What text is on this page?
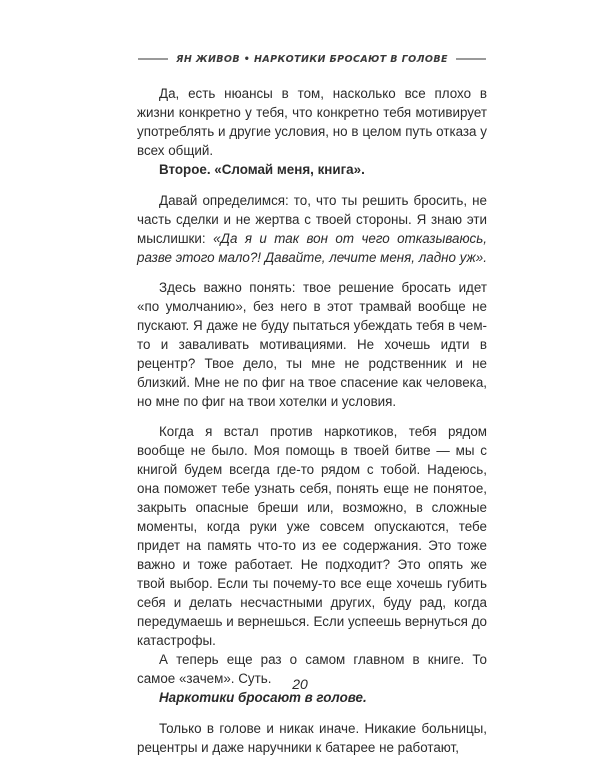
ЯН ЖИВОВ • НАРКОТИКИ БРОСАЮТ В ГОЛОВЕ

Да, есть нюансы в том, насколько все плохо в жизни конкретно у тебя, что конкретно тебя мотивирует употреблять и другие условия, но в целом путь отказа у всех общий.

Второе. «Сломай меня, книга».

Давай определимся: то, что ты решить бросить, не часть сделки и не жертва с твоей стороны. Я знаю эти мыслишки: «Да я и так вон от чего отказываюсь, разве этого мало?! Давайте, лечите меня, ладно уж».

Здесь важно понять: твое решение бросать идет «по умолчанию», без него в этот трамвай вообще не пускают. Я даже не буду пытаться убеждать тебя в чем-то и заваливать мотивациями. Не хочешь идти в рецентр? Твое дело, ты мне не родственник и не близкий. Мне не по фиг на твое спасение как человека, но мне по фиг на твои хотелки и условия.

Когда я встал против наркотиков, тебя рядом вообще не было. Моя помощь в твоей битве — мы с книгой будем всегда где-то рядом с тобой. Надеюсь, она поможет тебе узнать себя, понять еще не понятое, закрыть опасные бреши или, возможно, в сложные моменты, когда руки уже совсем опускаются, тебе придет на память что-то из ее содержания. Это тоже важно и тоже работает. Не подходит? Это опять же твой выбор. Если ты почему-то все еще хочешь губить себя и делать несчастными других, буду рад, когда передумаешь и вернешься. Если успеешь вернуться до катастрофы.

А теперь еще раз о самом главном в книге. То самое «зачем». Суть.

Наркотики бросают в голове.

Только в голове и никак иначе. Никакие больницы, рецентры и даже наручники к батарее не работают,

20
